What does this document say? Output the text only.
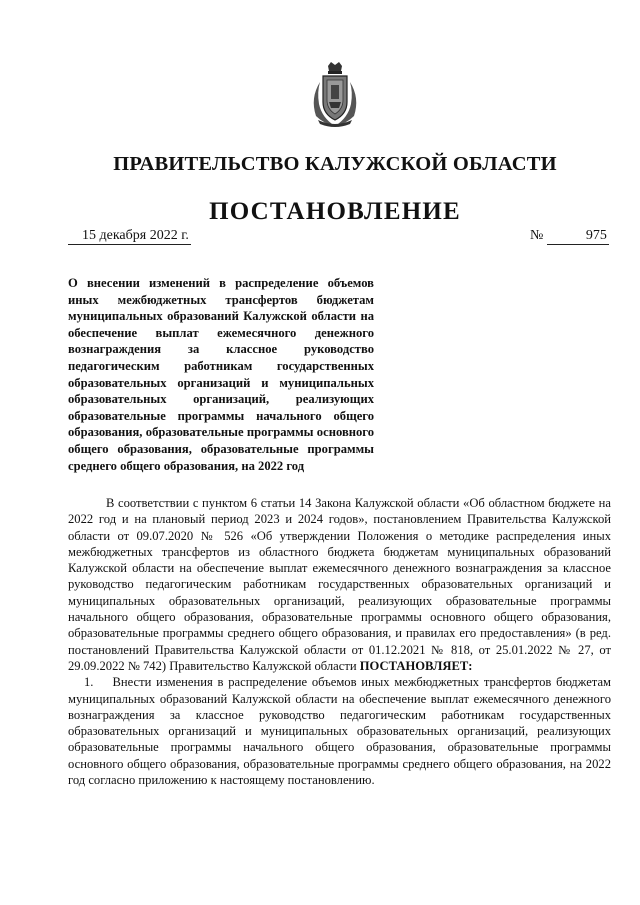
ПРАВИТЕЛЬСТВО КАЛУЖСКОЙ ОБЛАСТИ
ПОСТАНОВЛЕНИЕ
15 декабря 2022 г.	№	975
О внесении изменений в распределение объемов иных межбюджетных трансфертов бюджетам муниципальных образований Калужской области на обеспечение выплат ежемесячного денежного вознаграждения за классное руководство педагогическим работникам государственных образовательных организаций и муниципальных образовательных организаций, реализующих образовательные программы начального общего образования, образовательные программы основного общего образования, образовательные программы среднего общего образования, на 2022 год

В соответствии с пунктом 6 статьи 14 Закона Калужской области «Об областном бюджете на 2022 год и на плановый период 2023 и 2024 годов», постановлением Правительства Калужской области от 09.07.2020 № 526 «Об утверждении Положения о методике распределения иных межбюджетных трансфертов из областного бюджета бюджетам муниципальных образований Калужской области на обеспечение выплат ежемесячного денежного вознаграждения за классное руководство педагогическим работникам государственных образовательных организаций и муниципальных образовательных организаций, реализующих образовательные программы начального общего образования, образовательные программы основного общего образования, образовательные программы среднего общего образования, и правилах его предоставления» (в ред. постановлений Правительства Калужской области от 01.12.2021 № 818, от 25.01.2022 № 27, от 29.09.2022 № 742) Правительство Калужской области ПОСТАНОВЛЯЕТ:

1. Внести изменения в распределение объемов иных межбюджетных трансфертов бюджетам муниципальных образований Калужской области на обеспечение выплат ежемесячного денежного вознаграждения за классное руководство педагогическим работникам государственных образовательных организаций и муниципальных образовательных организаций, реализующих образовательные программы начального общего образования, образовательные программы основного общего образования, образовательные программы среднего общего образования, на 2022 год согласно приложению к настоящему постановлению.
